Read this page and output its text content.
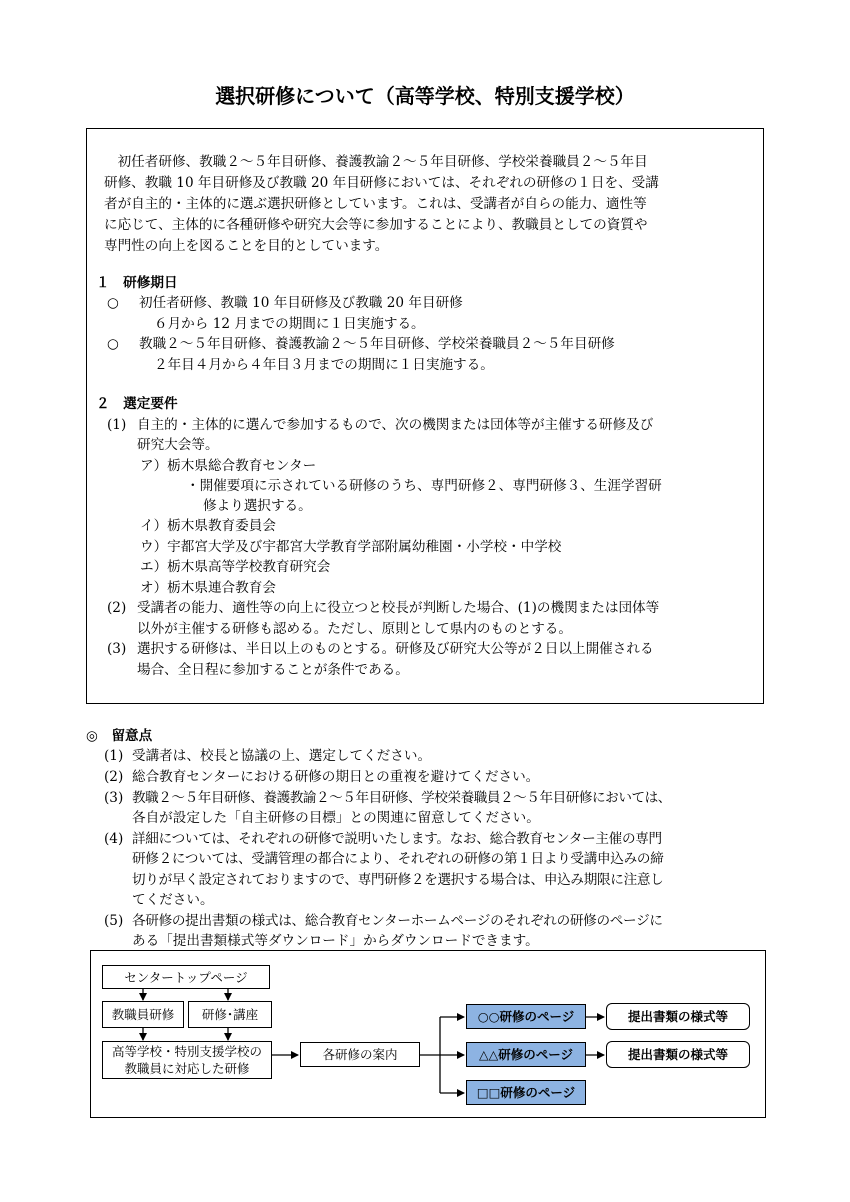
選択研修について（高等学校、特別支援学校）
　初任者研修、教職２～５年目研修、養護教諭２～５年目研修、学校栄養職員２～５年目
研修、教職 10 年目研修及び教職 20 年目研修においては、それぞれの研修の１日を、受講
者が自主的・主体的に選ぶ選択研修としています。これは、受講者が自らの能力、適性等
に応じて、主体的に各種研修や研究大会等に参加することにより、教職員としての資質や
専門性の向上を図ることを目的としています。
１　研修期日
○ 初任者研修、教職 10 年目研修及び教職 20 年目研修
６月から 12 月までの期間に１日実施する。
○ 教職２～５年目研修、養護教諭２～５年目研修、学校栄養職員２～５年目研修
２年目４月から４年目３月までの期間に１日実施する。
２　選定要件
(1) 自主的・主体的に選んで参加するもので、次の機関または団体等が主催する研修及び
研究大会等。
ア）栃木県総合教育センター
・開催要項に示されている研修のうち、専門研修２、専門研修３、生涯学習研
修より選択する。
イ）栃木県教育委員会
ウ）宇都宮大学及び宇都宮大学教育学部附属幼稚園・小学校・中学校
エ）栃木県高等学校教育研究会
オ）栃木県連合教育会
(2) 受講者の能力、適性等の向上に役立つと校長が判断した場合、(1)の機関または団体等
以外が主催する研修も認める。ただし、原則として県内のものとする。
(3) 選択する研修は、半日以上のものとする。研修及び研究大公等が２日以上開催される
場合、全日程に参加することが条件である。
◎　留意点
(1) 受講者は、校長と協議の上、選定してください。
(2) 総合教育センターにおける研修の期日との重複を避けてください。
(3) 教職２～５年目研修、養護教諭２～５年目研修、学校栄養職員２～５年目研修においては、
各自が設定した「自主研修の目標」との関連に留意してください。
(4) 詳細については、それぞれの研修で説明いたします。なお、総合教育センター主催の専門
研修２については、受講管理の都合により、それぞれの研修の第１日より受講申込みの締
切りが早く設定されておりますので、専門研修２を選択する場合は、申込み期限に注意し
てください。
(5) 各研修の提出書類の様式は、総合教育センターホームページのそれぞれの研修のページに
ある「提出書類様式等ダウンロード」からダウンロードできます。
センタートップページ
教職員研修	研修･講座
高等学校・特別支援学校の
教職員に対応した研修
各研修の案内
○○研修のページ
△△研修のページ
□□研修のページ
提出書類の様式等
提出書類の様式等
